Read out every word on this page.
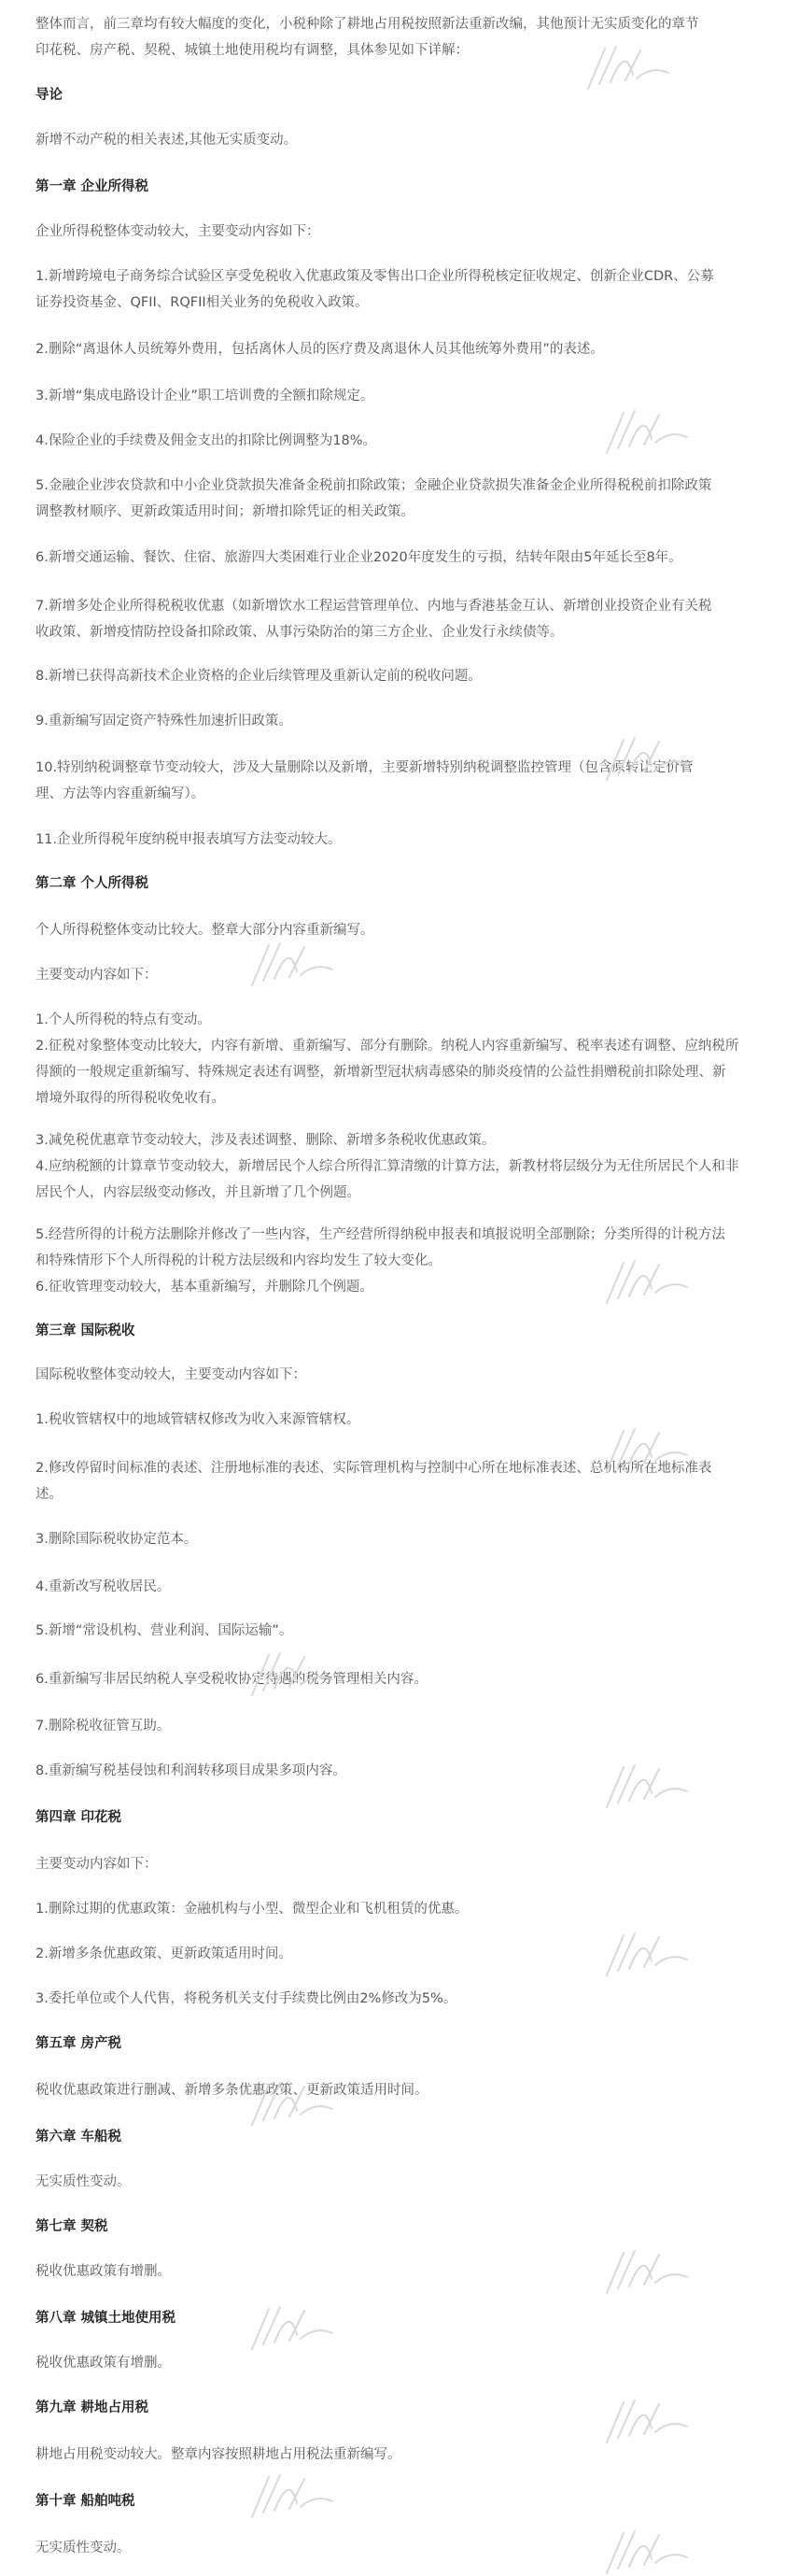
整体而言，前三章均有较大幅度的变化，小税种除了耕地占用税按照新法重新改编，其他预计无实质变化的章节
印花税、房产税、契税、城镇土地使用税均有调整，具体参见如下详解：

导论

新增不动产税的相关表述,其他无实质变动。

第一章 企业所得税

企业所得税整体变动较大，主要变动内容如下：

1.新增跨境电子商务综合试验区享受免税收入优惠政策及零售出口企业所得税核定征收规定、创新企业CDR、公募
证券投资基金、QFII、RQFII相关业务的免税收入政策。

2.删除“离退休人员统筹外费用，包括离休人员的医疗费及离退休人员其他统筹外费用”的表述。

3.新增“集成电路设计企业”职工培训费的全额扣除规定。

4.保险企业的手续费及佣金支出的扣除比例调整为18%。

5.金融企业涉农贷款和中小企业贷款损失准备金税前扣除政策；金融企业贷款损失准备金企业所得税税前扣除政策
调整教材顺序、更新政策适用时间；新增扣除凭证的相关政策。

6.新增交通运输、餐饮、住宿、旅游四大类困难行业企业2020年度发生的亏损，结转年限由5年延长至8年。

7.新增多处企业所得税税收优惠（如新增饮水工程运营管理单位、内地与香港基金互认、新增创业投资企业有关税
收政策、新增疫情防控设备扣除政策、从事污染防治的第三方企业、企业发行永续债等。

8.新增已获得高新技术企业资格的企业后续管理及重新认定前的税收问题。

9.重新编写固定资产特殊性加速折旧政策。

10.特别纳税调整章节变动较大，涉及大量删除以及新增，主要新增特别纳税调整监控管理（包含原转让定价管
理、方法等内容重新编写）。

11.企业所得税年度纳税申报表填写方法变动较大。

第二章 个人所得税

个人所得税整体变动比较大。整章大部分内容重新编写。

主要变动内容如下：

1.个人所得税的特点有变动。
2.征税对象整体变动比较大，内容有新增、重新编写、部分有删除。纳税人内容重新编写、税率表述有调整、应纳税所
得额的一般规定重新编写、特殊规定表述有调整，新增新型冠状病毒感染的肺炎疫情的公益性捐赠税前扣除处理、新
增境外取得的所得税收免收有。

3.减免税优惠章节变动较大，涉及表述调整、删除、新增多条税收优惠政策。
4.应纳税额的计算章节变动较大，新增居民个人综合所得汇算清缴的计算方法，新教材将层级分为无住所居民个人和非
居民个人，内容层级变动修改，并且新增了几个例题。

5.经营所得的计税方法删除并修改了一些内容，生产经营所得纳税申报表和填报说明全部删除；分类所得的计税方法
和特殊情形下个人所得税的计税方法层级和内容均发生了较大变化。
6.征收管理变动较大，基本重新编写，并删除几个例题。

第三章 国际税收

国际税收整体变动较大，主要变动内容如下：

1.税收管辖权中的地域管辖权修改为收入来源管辖权。

2.修改停留时间标准的表述、注册地标准的表述、实际管理机构与控制中心所在地标准表述、总机构所在地标准表
述。

3.删除国际税收协定范本。

4.重新改写税收居民。

5.新增“常设机构、营业利润、国际运输”。

6.重新编写非居民纳税人享受税收协定待遇的税务管理相关内容。

7.删除税收征管互助。

8.重新编写税基侵蚀和利润转移项目成果多项内容。

第四章 印花税

主要变动内容如下：

1.删除过期的优惠政策：金融机构与小型、微型企业和飞机租赁的优惠。

2.新增多条优惠政策、更新政策适用时间。

3.委托单位或个人代售，将税务机关支付手续费比例由2%修改为5%。

第五章 房产税

税收优惠政策进行删减、新增多条优惠政策、更新政策适用时间。

第六章 车船税

无实质性变动。

第七章 契税

税收优惠政策有增删。

第八章 城镇土地使用税

税收优惠政策有增删。

第九章 耕地占用税

耕地占用税变动较大。整章内容按照耕地占用税法重新编写。

第十章 船舶吨税

无实质性变动。
